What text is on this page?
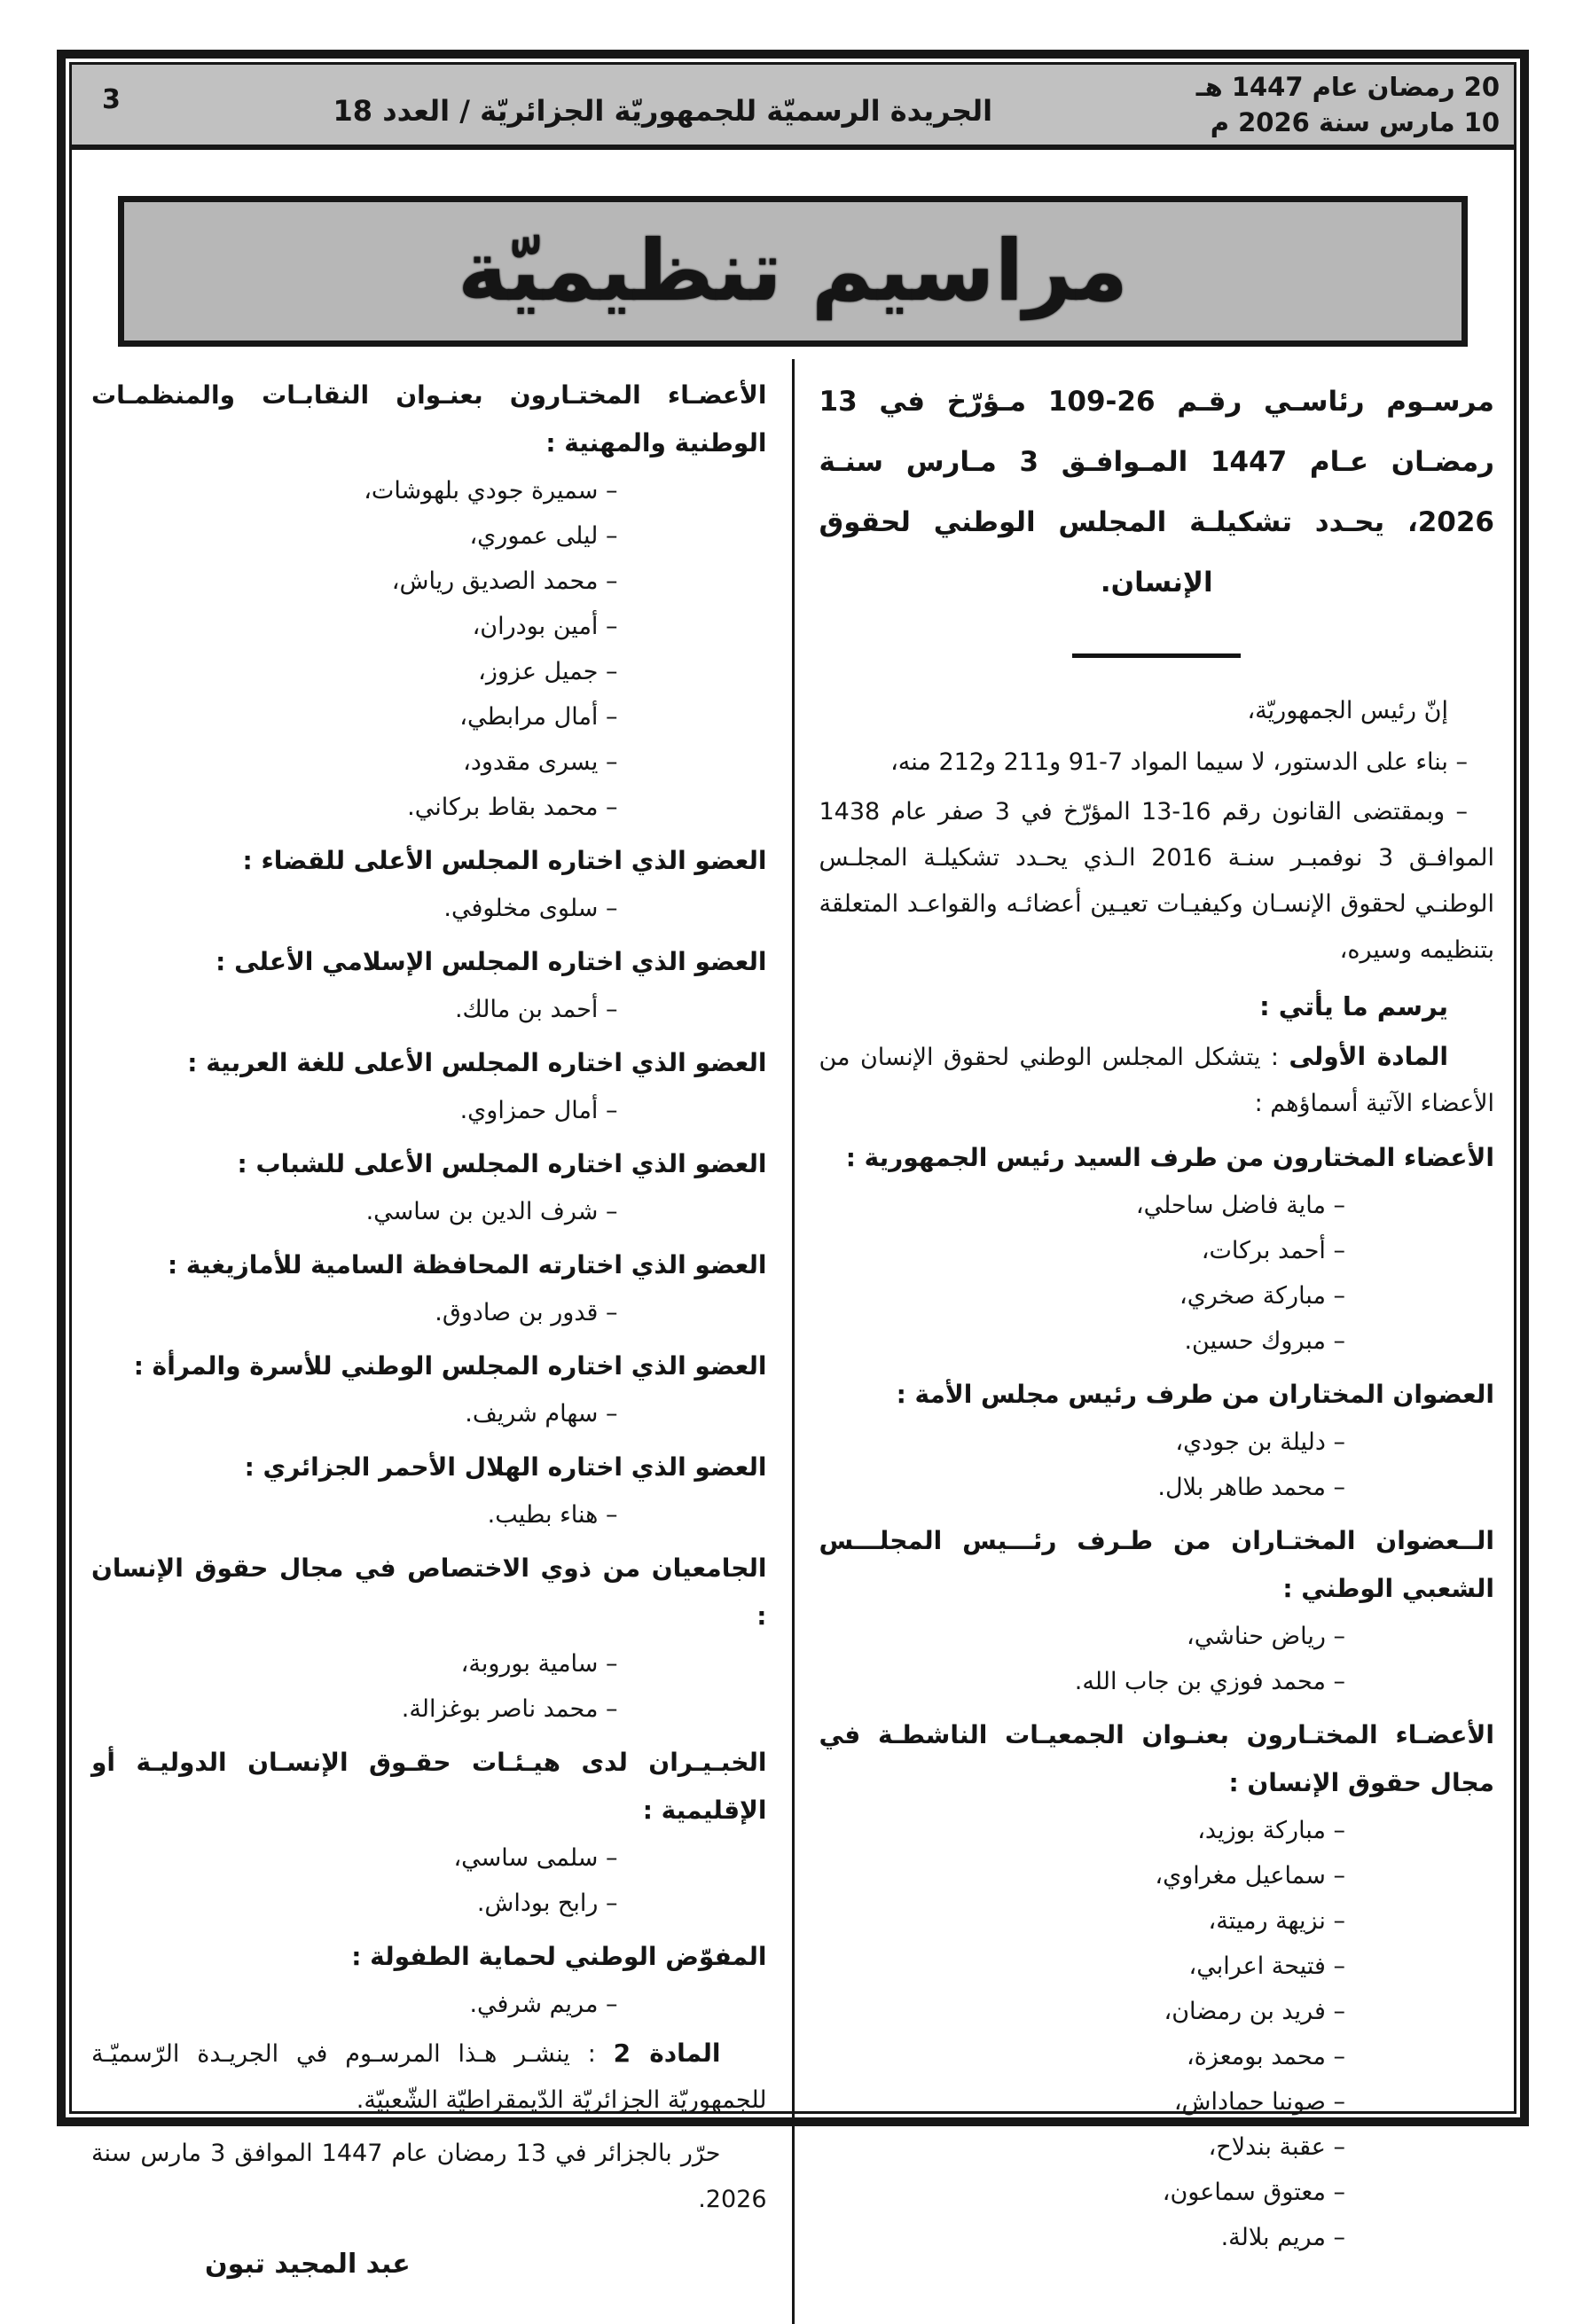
20 رمضان عام 1447 هـ
10 مارس سنة 2026 م
الجريدة الرسميّة للجمهوريّة الجزائريّة / العدد 18
3
مراسيم تنظيميّة
مرسـوم رئاسـي رقـم 26-109 مـؤرّخ في 13 رمضـان عـام 1447 المـوافـق 3 مـارس سنـة 2026، يحـدد تشكيلـة المجلس الوطني لحقوق الإنسان.

إنّ رئيس الجمهوريّة،

– بناء على الدستور، لا سيما المواد 7-91 و211 و212 منه،

– وبمقتضى القانون رقم 16-13 المؤرّخ في 3 صفر عام 1438 الموافـق 3 نوفمبـر سنـة 2016 الـذي يحـدد تشكيلـة المجلـس الوطنـي لحقوق الإنسـان وكيفيـات تعيـين أعضائـه والقواعـد المتعلقة بتنظيمه وسيره،

يرسم ما يأتي :

المادة الأولى : يتشكل المجلس الوطني لحقوق الإنسان من الأعضاء الآتية أسماؤهم :

الأعضاء المختارون من طرف السيد رئيس الجمهورية :

– ماية فاضل ساحلي،

– أحمد بركات،

– مباركة صخري،

– مبروك حسين.

العضوان المختاران من طرف رئيس مجلس الأمة :

– دليلة بن جودي،

– محمد طاهر بلال.

الــعضوان المختـاران من طـرف رئـــيس المجلـــس الشعبي الوطني :

– رياض حناشي،

– محمد فوزي بن جاب الله.

الأعضـاء المختـارون بعنـوان الجمعيـات الناشطـة في مجال حقوق الإنسان :

– مباركة بوزيد،

– سماعيل مغراوي،

– نزيهة رميتة،

– فتيحة اعرابي،

– فريد بن رمضان،

– محمد بومعزة،

– صونيا حماداش،

– عقبة بندلاح،

– معتوق سماعون،

– مريم بلالة.

الأعضـاء المختـارون بعنـوان النقابـات والمنظمـات الوطنية والمهنية :

– سميرة جودي بلهوشات،

– ليلى عموري،

– محمد الصديق رياش،

– أمين بودران،

– جميل عزوز،

– أمال مرابطي،

– يسرى مقدود،

– محمد بقاط بركاني.

العضو الذي اختاره المجلس الأعلى للقضاء :

– سلوى مخلوفي.

العضو الذي اختاره المجلس الإسلامي الأعلى :

– أحمد بن مالك.

العضو الذي اختاره المجلس الأعلى للغة العربية :

– أمال حمزاوي.

العضو الذي اختاره المجلس الأعلى للشباب :

– شرف الدين بن ساسي.

العضو الذي اختارته المحافظة السامية للأمازيغية :

– قدور بن صادوق.

العضو الذي اختاره المجلس الوطني للأسرة والمرأة :

– سهام شريف.

العضو الذي اختاره الهلال الأحمر الجزائري :

– هناء بطيب.

الجامعيان من ذوي الاختصاص في مجال حقوق الإنسان :

– سامية بوروبة،

– محمد ناصر بوغزالة.

الخبـيـران لدى هيـئـات حقـوق الإنسـان الدوليـة أو الإقليمية :

– سلمى ساسي،

– رابح بوداش.

المفوّض الوطني لحماية الطفولة :

– مريم شرفي.

المادة 2 : ينشـر هـذا المرسـوم في الجريـدة الرّسميّـة للجمهوريّة الجزائريّة الدّيمقراطيّة الشّعبيّة.

حرّر بالجزائر في 13 رمضان عام 1447 الموافق 3 مارس سنة 2026.

عبد المجيد تبون
